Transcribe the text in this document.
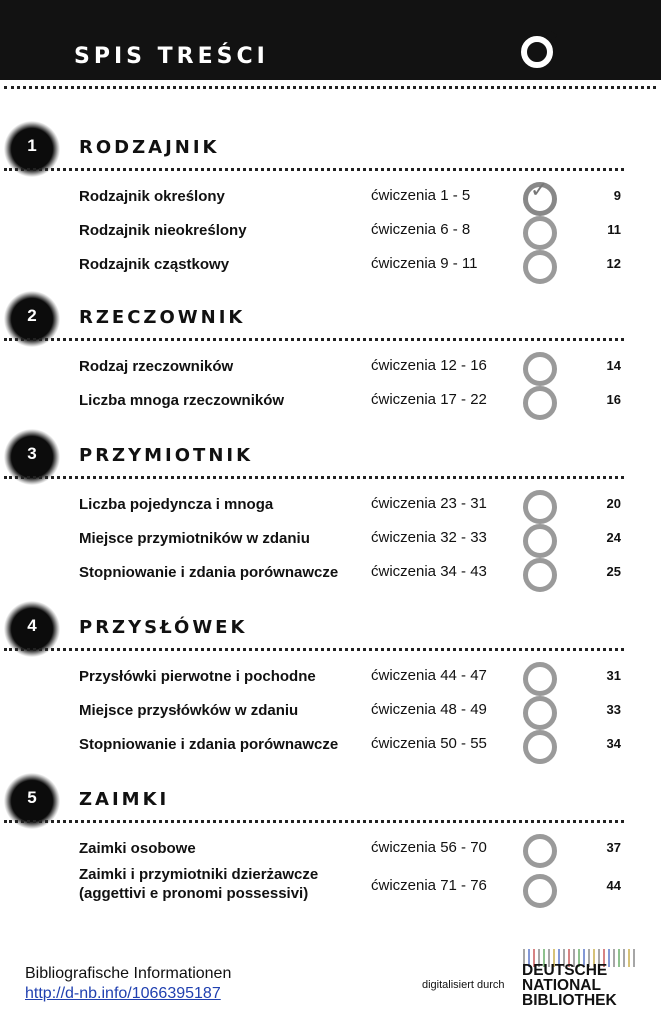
SPIS TREŚCI
1	RODZAJNIK
Rodzajnik określony	ćwiczenia 1 - 5	✓	9
Rodzajnik nieokreślony	ćwiczenia 6 - 8	11
Rodzajnik cząstkowy	ćwiczenia 9 - 11	12
2	RZECZOWNIK
Rodzaj rzeczowników	ćwiczenia 12 - 16	14
Liczba mnoga rzeczowników	ćwiczenia 17 - 22	16
3	PRZYMIOTNIK
Liczba pojedyncza i mnoga	ćwiczenia 23 - 31	20
Miejsce przymiotników w zdaniu	ćwiczenia 32 - 33	24
Stopniowanie i zdania porównawcze ćwiczenia 34 - 43	25
4	PRZYSŁÓWEK
Przysłówki pierwotne i pochodne	ćwiczenia 44 - 47	31
Miejsce przysłówków w zdaniu	ćwiczenia 48 - 49	33
Stopniowanie i zdania porównawcze ćwiczenia 50 - 55	34
5	ZAIMKI
Zaimki osobowe	ćwiczenia 56 - 70	37
Zaimki i przymiotniki dzierżawcze
(aggettivi e pronomi possessivi)	ćwiczenia 71 - 76	44
Bibliografische Informationen
http://d-nb.info/1066395187	digitalisiert durch
DEUTSCHE
NATIONAL
BIBLIOTHEK
